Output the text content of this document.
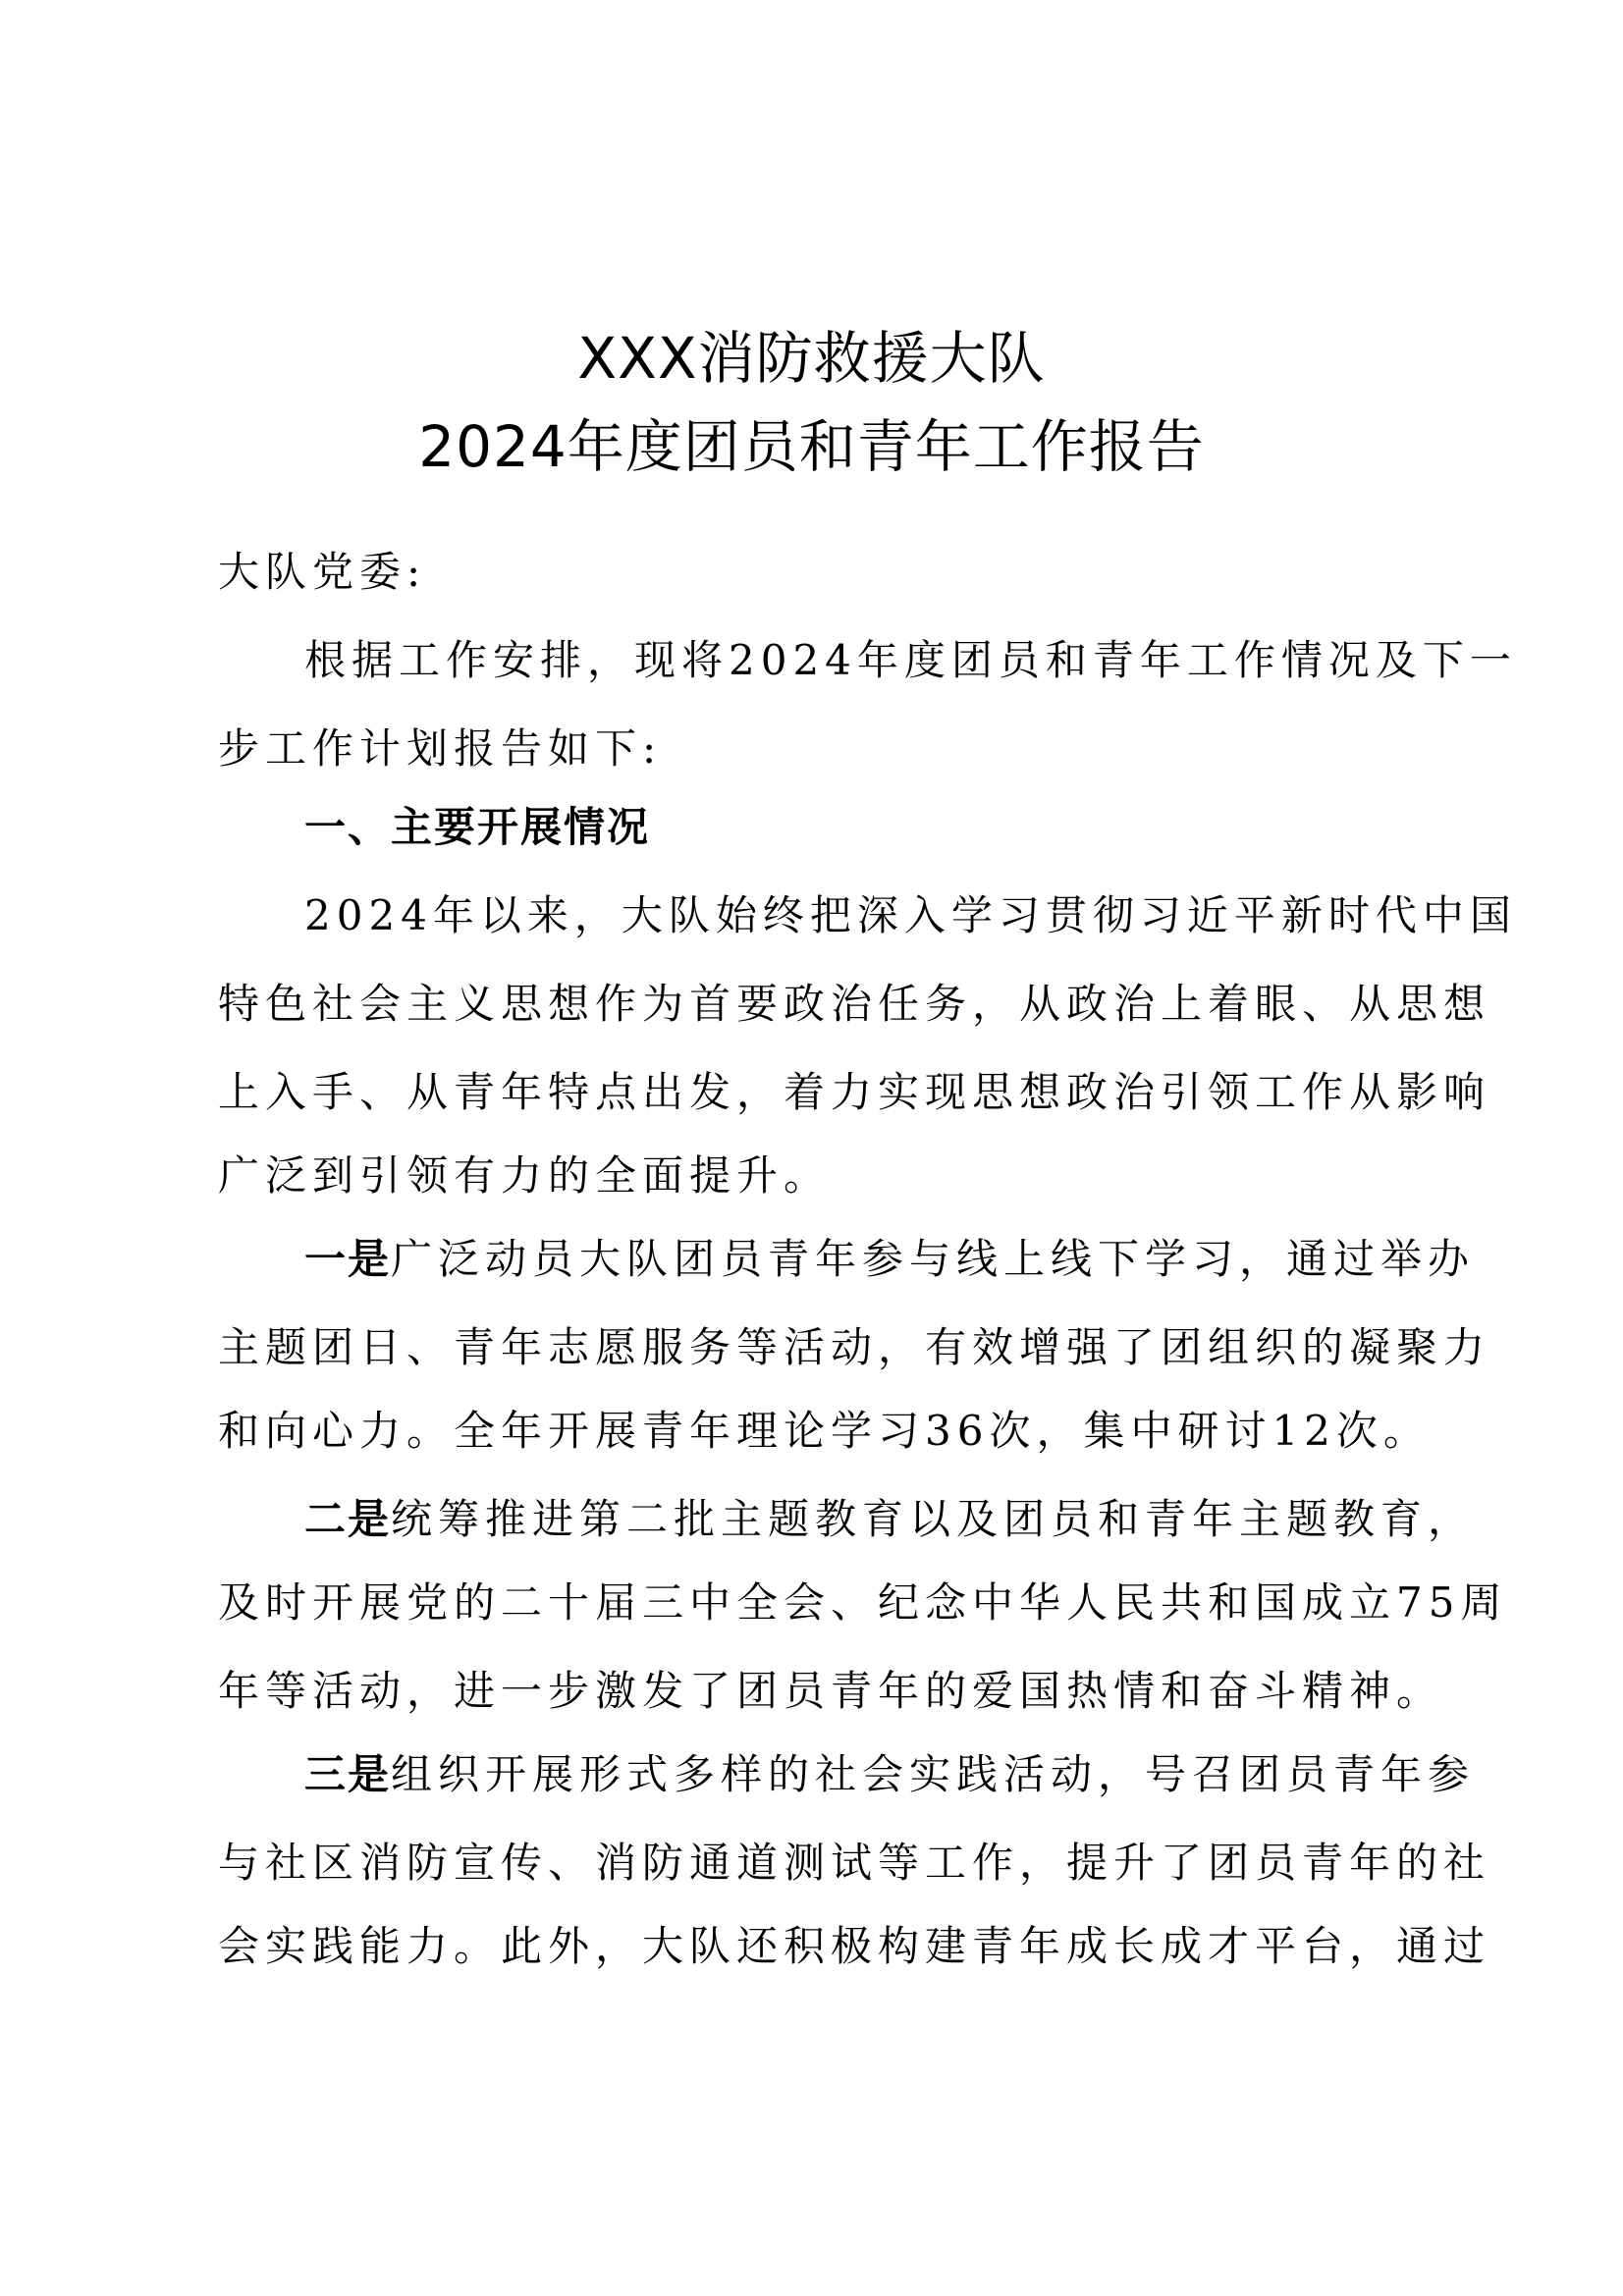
XXX消防救援大队
2024年度团员和青年工作报告

大队党委:

根据工作安排，现将2024年度团员和青年工作情况及下一

步工作计划报告如下:

一、主要开展情况

2024年以来，大队始终把深入学习贯彻习近平新时代中国

特色社会主义思想作为首要政治任务，从政治上着眼、从思想

上入手、从青年特点出发，着力实现思想政治引领工作从影响

广泛到引领有力的全面提升。

一是广泛动员大队团员青年参与线上线下学习，通过举办

主题团日、青年志愿服务等活动，有效增强了团组织的凝聚力

和向心力。全年开展青年理论学习36次，集中研讨12次。

二是统筹推进第二批主题教育以及团员和青年主题教育，

及时开展党的二十届三中全会、纪念中华人民共和国成立75周

年等活动，进一步激发了团员青年的爱国热情和奋斗精神。

三是组织开展形式多样的社会实践活动，号召团员青年参

与社区消防宣传、消防通道测试等工作，提升了团员青年的社

会实践能力。此外，大队还积极构建青年成长成才平台，通过
